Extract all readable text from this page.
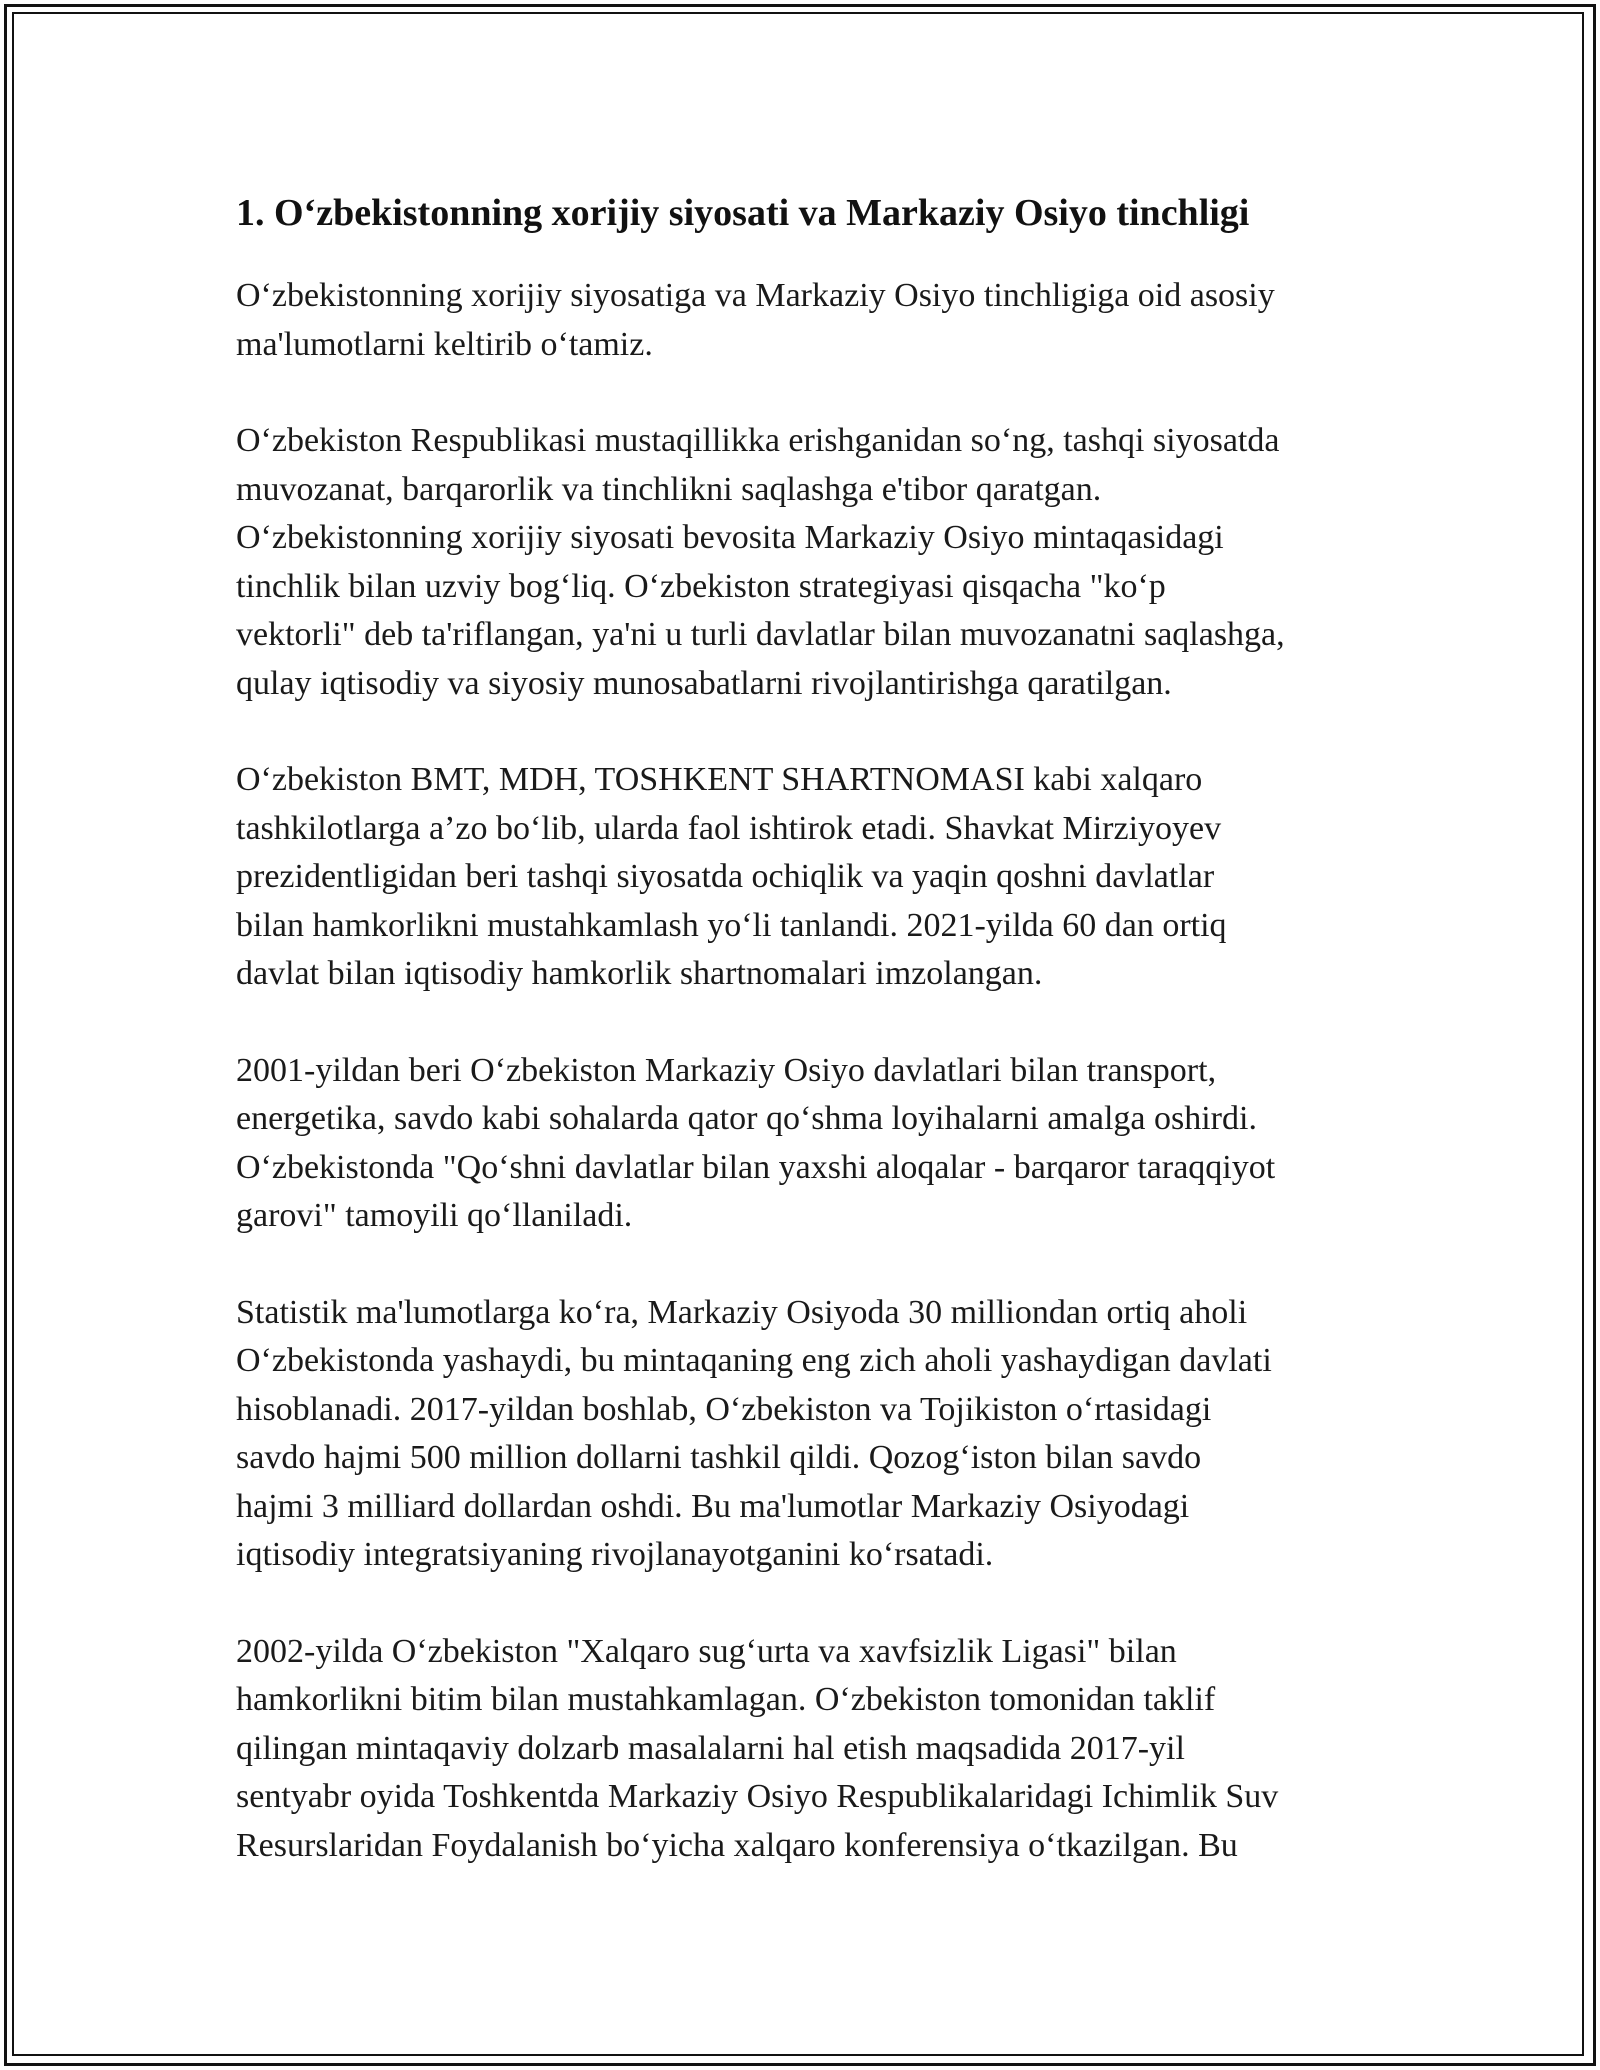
1. O‘zbekistonning xorijiy siyosati va Markaziy Osiyo tinchligi
O‘zbekistonning xorijiy siyosatiga va Markaziy Osiyo tinchligiga oid asosiy
ma'lumotlarni keltirib o‘tamiz.
O‘zbekiston Respublikasi mustaqillikka erishganidan so‘ng, tashqi siyosatda
muvozanat, barqarorlik va tinchlikni saqlashga e'tibor qaratgan.
O‘zbekistonning xorijiy siyosati bevosita Markaziy Osiyo mintaqasidagi
tinchlik bilan uzviy bog‘liq. O‘zbekiston strategiyasi qisqacha "ko‘p
vektorli" deb ta'riflangan, ya'ni u turli davlatlar bilan muvozanatni saqlashga,
qulay iqtisodiy va siyosiy munosabatlarni rivojlantirishga qaratilgan.
O‘zbekiston BMT, MDH, TOSHKENT SHARTNOMASI kabi xalqaro
tashkilotlarga a’zo bo‘lib, ularda faol ishtirok etadi. Shavkat Mirziyoyev
prezidentligidan beri tashqi siyosatda ochiqlik va yaqin qoshni davlatlar
bilan hamkorlikni mustahkamlash yo‘li tanlandi. 2021-yilda 60 dan ortiq
davlat bilan iqtisodiy hamkorlik shartnomalari imzolangan.
2001-yildan beri O‘zbekiston Markaziy Osiyo davlatlari bilan transport,
energetika, savdo kabi sohalarda qator qo‘shma loyihalarni amalga oshirdi.
O‘zbekistonda "Qo‘shni davlatlar bilan yaxshi aloqalar - barqaror taraqqiyot
garovi" tamoyili qo‘llaniladi.
Statistik ma'lumotlarga ko‘ra, Markaziy Osiyoda 30 milliondan ortiq aholi
O‘zbekistonda yashaydi, bu mintaqaning eng zich aholi yashaydigan davlati
hisoblanadi. 2017-yildan boshlab, O‘zbekiston va Tojikiston o‘rtasidagi
savdo hajmi 500 million dollarni tashkil qildi. Qozog‘iston bilan savdo
hajmi 3 milliard dollardan oshdi. Bu ma'lumotlar Markaziy Osiyodagi
iqtisodiy integratsiyaning rivojlanayotganini ko‘rsatadi.
2002-yilda O‘zbekiston "Xalqaro sug‘urta va xavfsizlik Ligasi" bilan
hamkorlikni bitim bilan mustahkamlagan. O‘zbekiston tomonidan taklif
qilingan mintaqaviy dolzarb masalalarni hal etish maqsadida 2017-yil
sentyabr oyida Toshkentda Markaziy Osiyo Respublikalaridagi Ichimlik Suv
Resurslaridan Foydalanish bo‘yicha xalqaro konferensiya o‘tkazilgan. Bu
